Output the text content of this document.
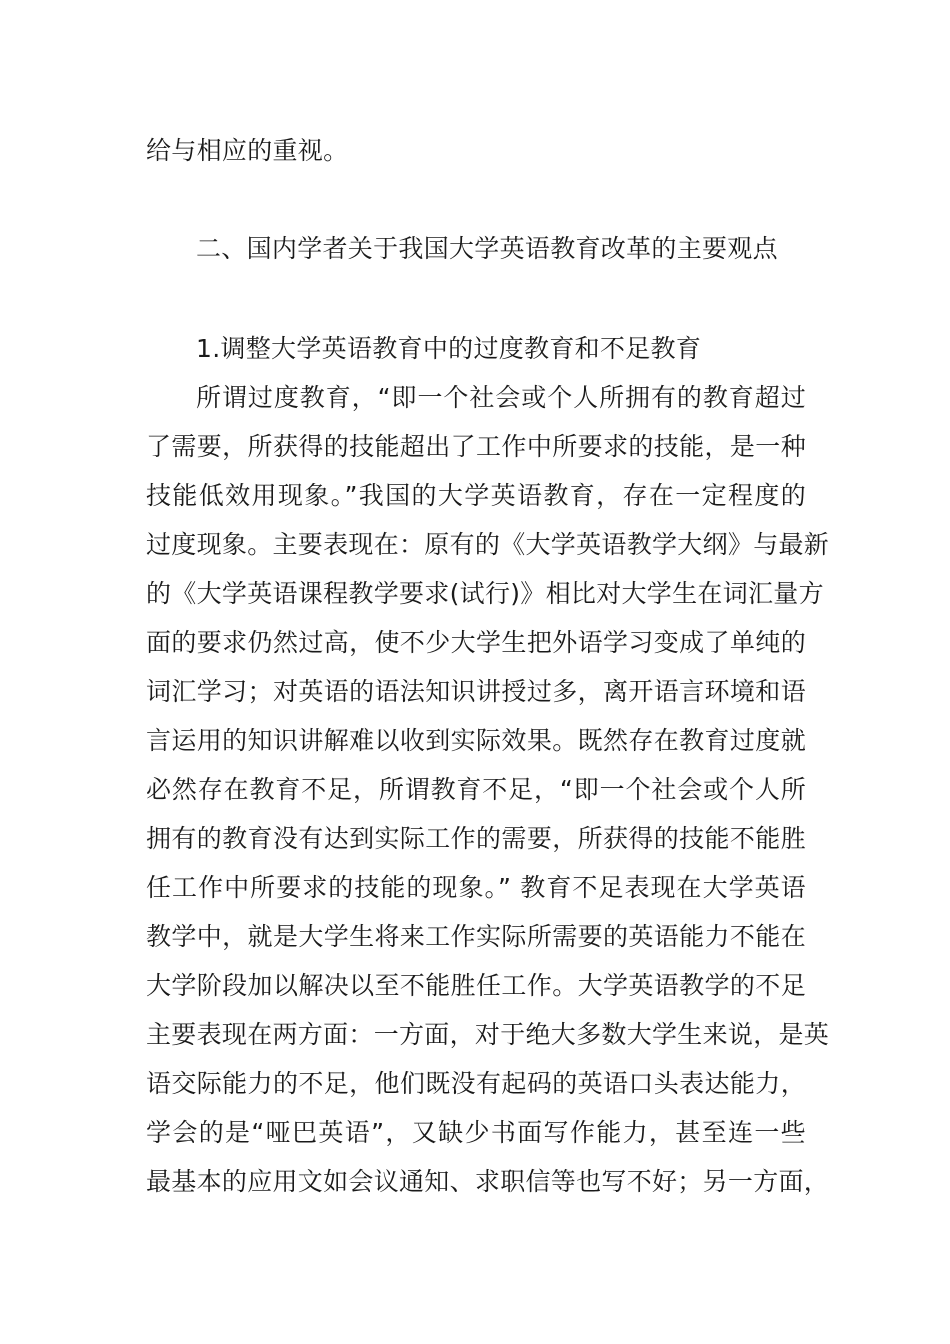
给与相应的重视。
二、国内学者关于我国大学英语教育改革的主要观点
1.调整大学英语教育中的过度教育和不足教育
所谓过度教育，“即一个社会或个人所拥有的教育超过
了需要，所获得的技能超出了工作中所要求的技能，是一种
技能低效用现象。”我国的大学英语教育，存在一定程度的
过度现象。主要表现在：原有的《大学英语教学大纲》与最新
的《大学英语课程教学要求(试行)》相比对大学生在词汇量方
面的要求仍然过高，使不少大学生把外语学习变成了单纯的
词汇学习；对英语的语法知识讲授过多，离开语言环境和语
言运用的知识讲解难以收到实际效果。既然存在教育过度就
必然存在教育不足，所谓教育不足，“即一个社会或个人所
拥有的教育没有达到实际工作的需要，所获得的技能不能胜
任工作中所要求的技能的现象。” 教育不足表现在大学英语
教学中，就是大学生将来工作实际所需要的英语能力不能在
大学阶段加以解决以至不能胜任工作。大学英语教学的不足
主要表现在两方面：一方面，对于绝大多数大学生来说，是英
语交际能力的不足，他们既没有起码的英语口头表达能力，
学会的是“哑巴英语”，又缺少书面写作能力，甚至连一些
最基本的应用文如会议通知、求职信等也写不好；另一方面，
